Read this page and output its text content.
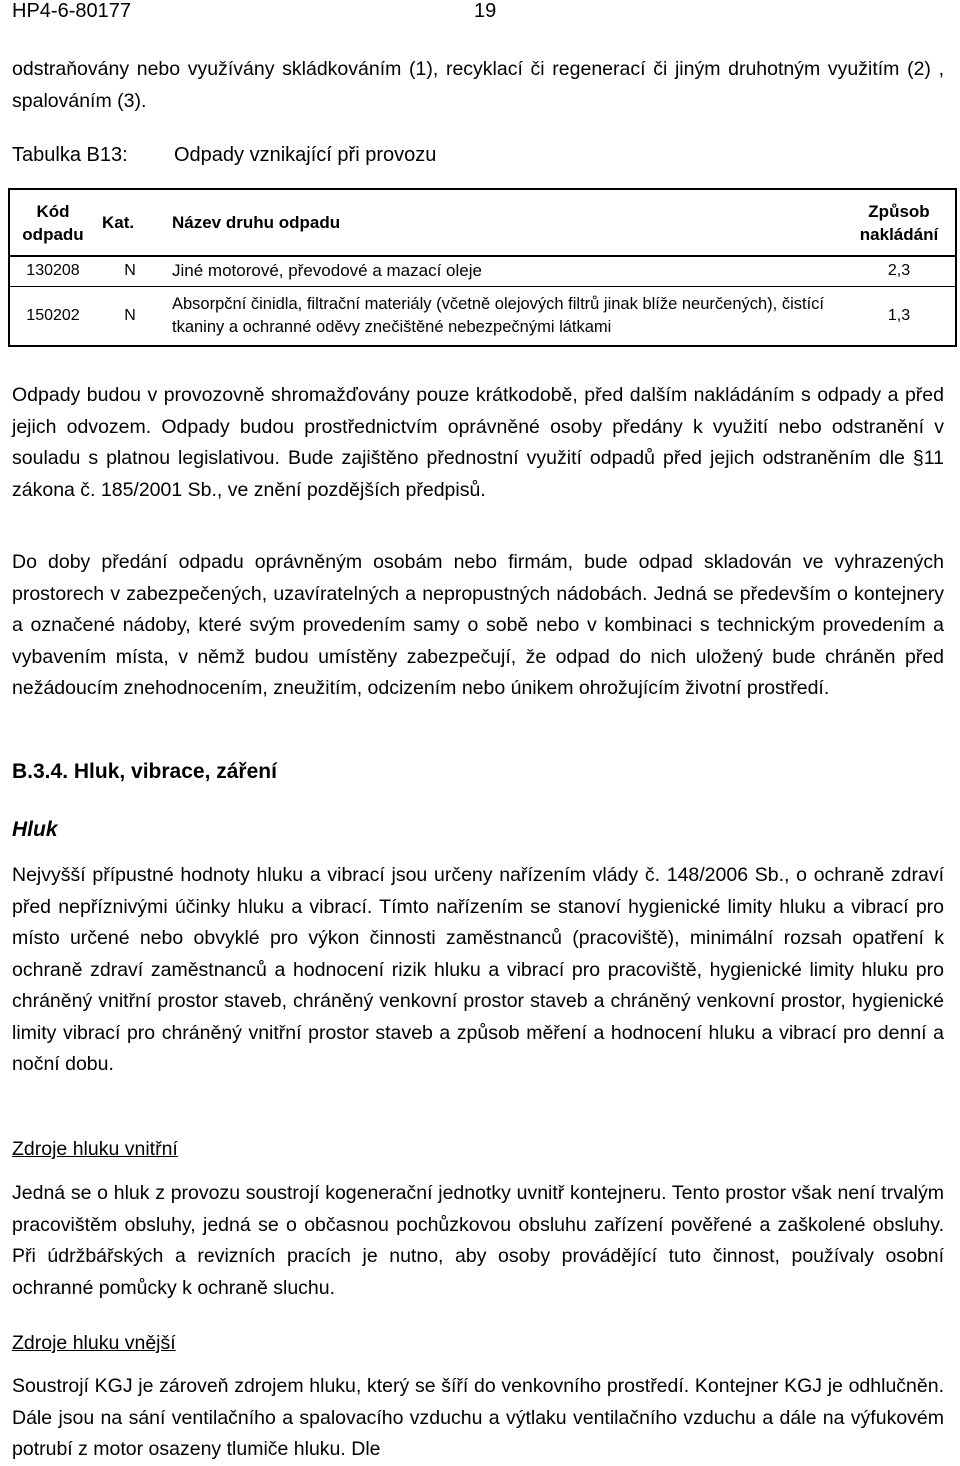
HP4-6-80177	19

odstraňovány nebo využívány skládkováním (1), recyklací či regenerací či jiným druhotným využitím (2) , spalováním (3).

Tabulka B13: Odpady vznikající při provozu
Kód odpadu	Kat.	Název druhu odpadu	Způsob nakládání
130208	N	Jiné motorové, převodové a mazací oleje	2,3
150202	N	Absorpční činidla, filtrační materiály (včetně olejových filtrů jinak blíže neurčených), čistící tkaniny a ochranné oděvy znečištěné nebezpečnými látkami	1,3

Odpady budou v provozovně shromažďovány pouze krátkodobě, před dalším nakládáním s odpady a před jejich odvozem. Odpady budou prostřednictvím oprávněné osoby předány k využití nebo odstranění v souladu s platnou legislativou. Bude zajištěno přednostní využití odpadů před jejich odstraněním dle §11 zákona č. 185/2001 Sb., ve znění pozdějších předpisů.

Do doby předání odpadu oprávněným osobám nebo firmám, bude odpad skladován ve vyhrazených prostorech v zabezpečených, uzavíratelných a nepropustných nádobách. Jedná se především o kontejnery a označené nádoby, které svým provedením samy o sobě nebo v kombinaci s technickým provedením a vybavením místa, v němž budou umístěny zabezpečují, že odpad do nich uložený bude chráněn před nežádoucím znehodnocením, zneužitím, odcizením nebo únikem ohrožujícím životní prostředí.

B.3.4. Hluk, vibrace, záření
Hluk

Nejvyšší přípustné hodnoty hluku a vibrací jsou určeny nařízením vlády č. 148/2006 Sb., o ochraně zdraví před nepříznivými účinky hluku a vibrací. Tímto nařízením se stanoví hygienické limity hluku a vibrací pro místo určené nebo obvyklé pro výkon činnosti zaměstnanců (pracoviště), minimální rozsah opatření k ochraně zdraví zaměstnanců a hodnocení rizik hluku a vibrací pro pracoviště, hygienické limity hluku pro chráněný vnitřní prostor staveb, chráněný venkovní prostor staveb a chráněný venkovní prostor, hygienické limity vibrací pro chráněný vnitřní prostor staveb a způsob měření a hodnocení hluku a vibrací pro denní a noční dobu.

Zdroje hluku vnitřní

Jedná se o hluk z provozu soustrojí kogenerační jednotky uvnitř kontejneru. Tento prostor však není trvalým pracovištěm obsluhy, jedná se o občasnou pochůzkovou obsluhu zařízení pověřené a zaškolené obsluhy. Při údržbářských a revizních pracích je nutno, aby osoby provádějící tuto činnost, používaly osobní ochranné pomůcky k ochraně sluchu.

Zdroje hluku vnější

Soustrojí KGJ je zároveň zdrojem hluku, který se šíří do venkovního prostředí. Kontejner KGJ je odhlučněn. Dále jsou na sání ventilačního a spalovacího vzduchu a výtlaku ventilačního vzduchu a dále na výfukovém potrubí z motor osazeny tlumiče hluku. Dle
